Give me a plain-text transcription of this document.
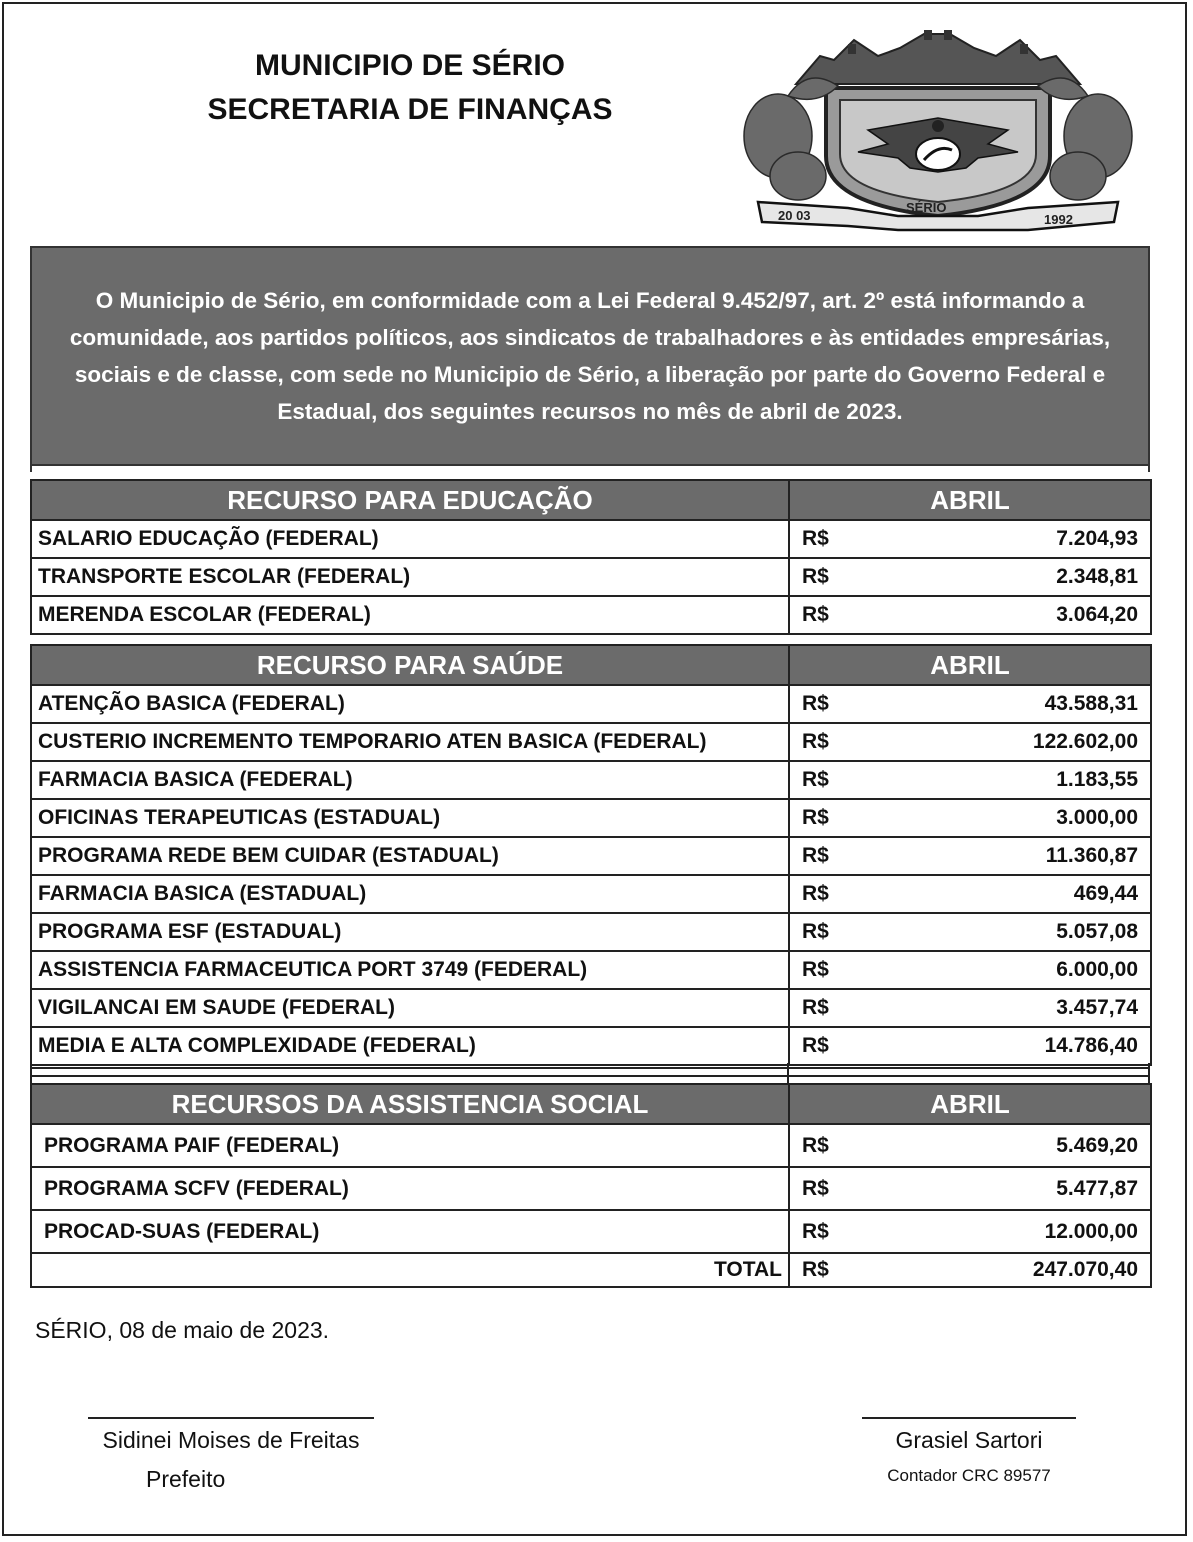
MUNICIPIO DE SÉRIO
SECRETARIA DE FINANÇAS
20 03
SÉRIO
1992
O Municipio de Sério, em conformidade com a Lei Federal 9.452/97, art. 2º está informando a comunidade, aos partidos políticos, aos sindicatos de trabalhadores e às entidades empresárias, sociais e de classe, com sede no Municipio de Sério, a liberação por parte do Governo Federal e Estadual, dos seguintes recursos no mês de abril de 2023.
RECURSO PARA EDUCAÇÃO	ABRIL
SALARIO EDUCAÇÃO (FEDERAL)	R$ 7.204,93

TRANSPORTE ESCOLAR (FEDERAL)	R$ 2.348,81

MERENDA ESCOLAR (FEDERAL)	R$ 3.064,20
RECURSO PARA SAÚDE	ABRIL
ATENÇÃO BASICA (FEDERAL)	R$ 43.588,31

CUSTERIO INCREMENTO TEMPORARIO ATEN BASICA (FEDERAL)	R$ 122.602,00

FARMACIA BASICA (FEDERAL)	R$ 1.183,55

OFICINAS TERAPEUTICAS (ESTADUAL)	R$ 3.000,00

PROGRAMA REDE BEM CUIDAR (ESTADUAL)	R$ 11.360,87

FARMACIA BASICA (ESTADUAL)	R$ 469,44

PROGRAMA ESF (ESTADUAL)	R$ 5.057,08

ASSISTENCIA FARMACEUTICA PORT 3749 (FEDERAL)	R$ 6.000,00

VIGILANCAI EM SAUDE (FEDERAL)	R$ 3.457,74

MEDIA E ALTA COMPLEXIDADE (FEDERAL)	R$ 14.786,40
RECURSOS DA ASSISTENCIA SOCIAL	ABRIL
PROGRAMA PAIF (FEDERAL)	R$ 5.469,20

PROGRAMA SCFV (FEDERAL)	R$ 5.477,87

PROCAD-SUAS (FEDERAL)	R$ 12.000,00

TOTAL	R$ 247.070,40
SÉRIO, 08 de maio de 2023.
Sidinei Moises de Freitas
Prefeito
Grasiel Sartori
Contador CRC 89577
